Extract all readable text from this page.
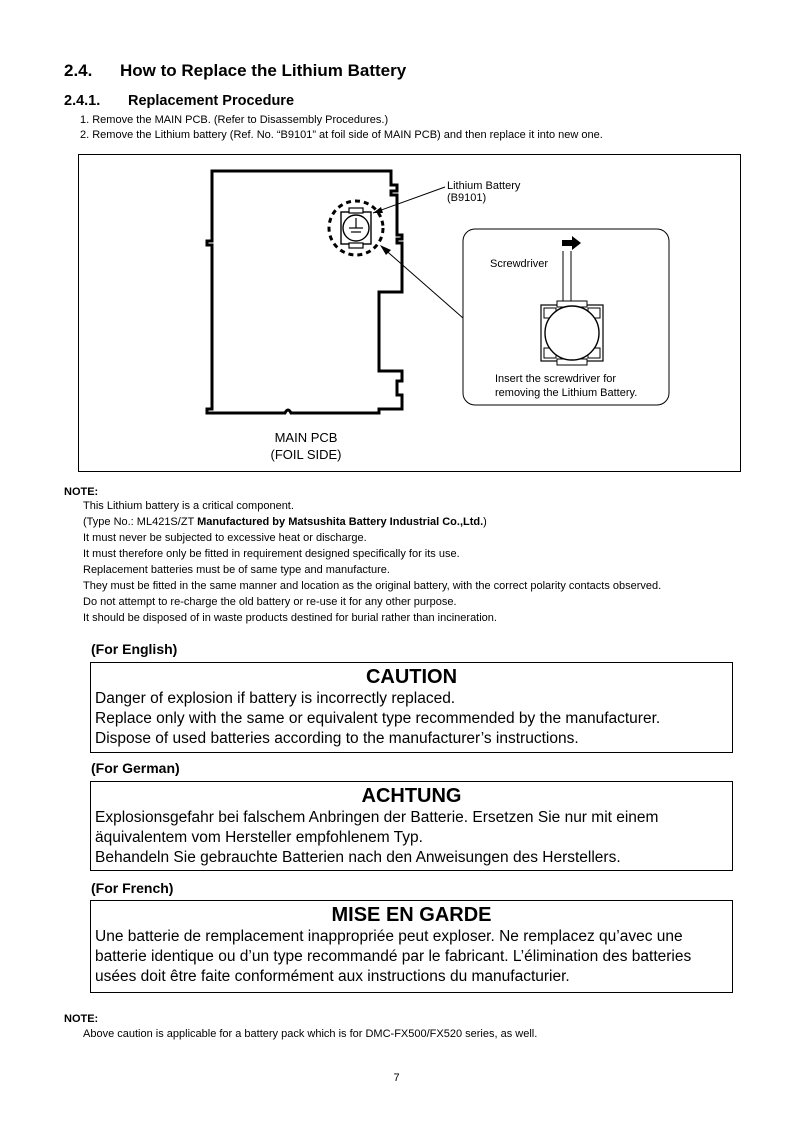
2.4. How to Replace the Lithium Battery
2.4.1. Replacement Procedure
1. Remove the MAIN PCB. (Refer to Disassembly Procedures.)
2. Remove the Lithium battery (Ref. No. “B9101” at foil side of MAIN PCB) and then replace it into new one.
Lithium Battery
(B9101)
Screwdriver
Insert the screwdriver for
removing the Lithium Battery.
MAIN PCB
(FOIL SIDE)
NOTE:
This Lithium battery is a critical component.
(Type No.: ML421S/ZT Manufactured by Matsushita Battery Industrial Co.,Ltd.)
It must never be subjected to excessive heat or discharge.
It must therefore only be fitted in requirement designed specifically for its use.
Replacement batteries must be of same type and manufacture.
They must be fitted in the same manner and location as the original battery, with the correct polarity contacts observed.
Do not attempt to re-charge the old battery or re-use it for any other purpose.
It should be disposed of in waste products destined for burial rather than incineration.
(For English)
CAUTION
Danger of explosion if battery is incorrectly replaced.
Replace only with the same or equivalent type recommended by the manufacturer.
Dispose of used batteries according to the manufacturer’s instructions.
(For German)
ACHTUNG
Explosionsgefahr bei falschem Anbringen der Batterie. Ersetzen Sie nur mit einem
äquivalentem vom Hersteller empfohlenem Typ.
Behandeln Sie gebrauchte Batterien nach den Anweisungen des Herstellers.
(For French)
MISE EN GARDE
Une batterie de remplacement inappropriée peut exploser. Ne remplacez qu’avec une
batterie identique ou d’un type recommandé par le fabricant. L’élimination des batteries
usées doit être faite conformément aux instructions du manufacturier.
NOTE:
Above caution is applicable for a battery pack which is for DMC-FX500/FX520 series, as well.
7
